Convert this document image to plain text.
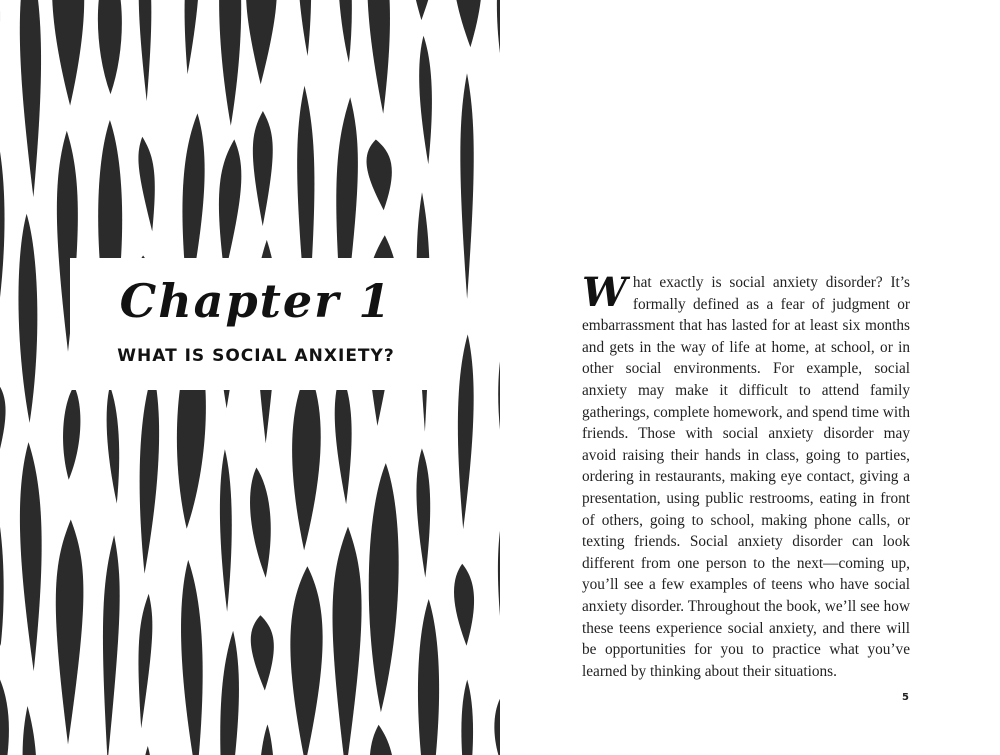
Chapter 1
WHAT IS SOCIAL ANXIETY?

What exactly is social anxiety disorder? It’s formally defined as a fear of judgment or embarrassment that has lasted for at least six months and gets in the way of life at home, at school, or in other social environments. For example, social anxiety may make it difficult to attend family gatherings, complete homework, and spend time with friends. Those with social anxiety disorder may avoid raising their hands in class, going to parties, ordering in restaurants, making eye contact, giving a presentation, using public restrooms, eating in front of others, going to school, making phone calls, or texting friends. Social anxiety disorder can look different from one person to the next—coming up, you’ll see a few examples of teens who have social anxiety disorder. Throughout the book, we’ll see how these teens experience social anxiety, and there will be opportunities for you to practice what you’ve learned by thinking about their situations.

5
